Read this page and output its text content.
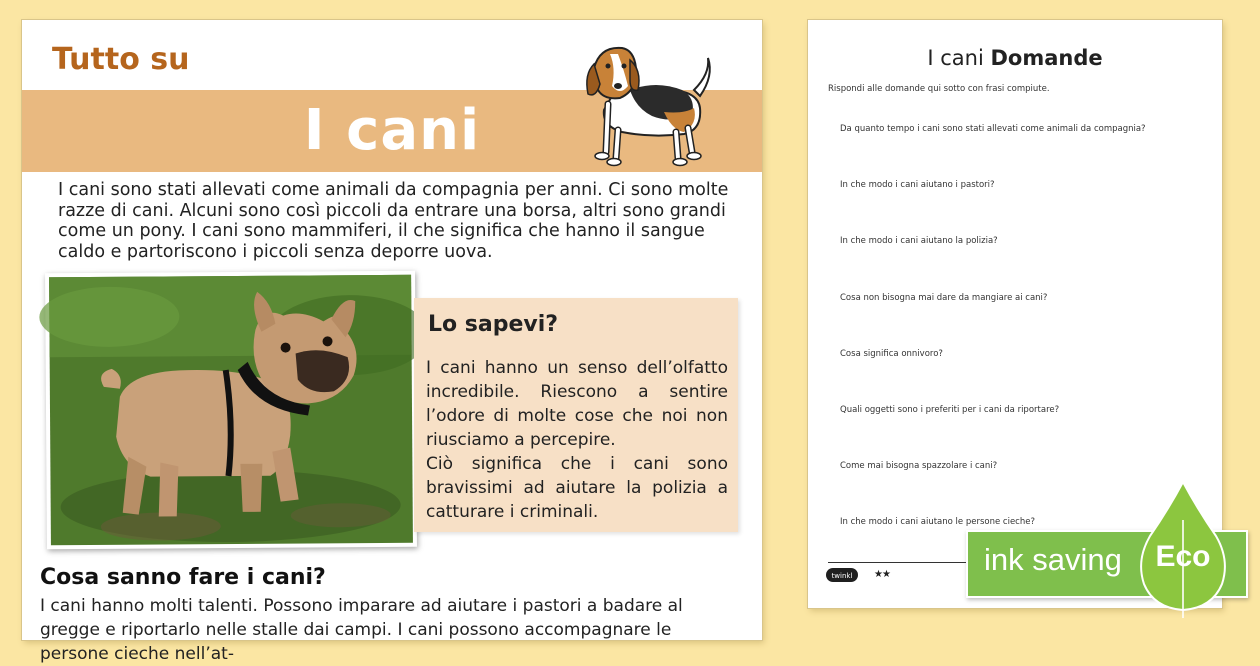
Tutto su
I cani
I cani sono stati allevati come animali da compagnia per anni. Ci sono molte razze di cani. Alcuni sono così piccoli da entrare una borsa, altri sono grandi come un pony. I cani sono mammiferi, il che significa che hanno il sangue caldo e partoriscono i piccoli senza deporre uova.
Lo sapevi?

I cani hanno un senso dell’olfatto incredibile. Riescono a sentire l’odore di molte cose che noi non riusciamo a percepire.

Ciò significa che i cani sono bravissimi ad aiutare la polizia a catturare i criminali.

Cosa sanno fare i cani?
I cani hanno molti talenti. Possono imparare ad aiutare i pastori a badare al gregge e riportarlo nelle stalle dai campi. I cani possono accompagnare le persone cieche nell’at-
I cani Domande
Rispondi alle domande qui sotto con frasi compiute.
Da quanto tempo i cani sono stati allevati come animali da compagnia?
In che modo i cani aiutano i pastori?
In che modo i cani aiutano la polizia?
Cosa non bisogna mai dare da mangiare ai cani?
Cosa significa onnivoro?
Quali oggetti sono i preferiti per i cani da riportare?
Come mai bisogna spazzolare i cani?
In che modo i cani aiutano le persone cieche?
twinkl ★★	ink saving	Eco
